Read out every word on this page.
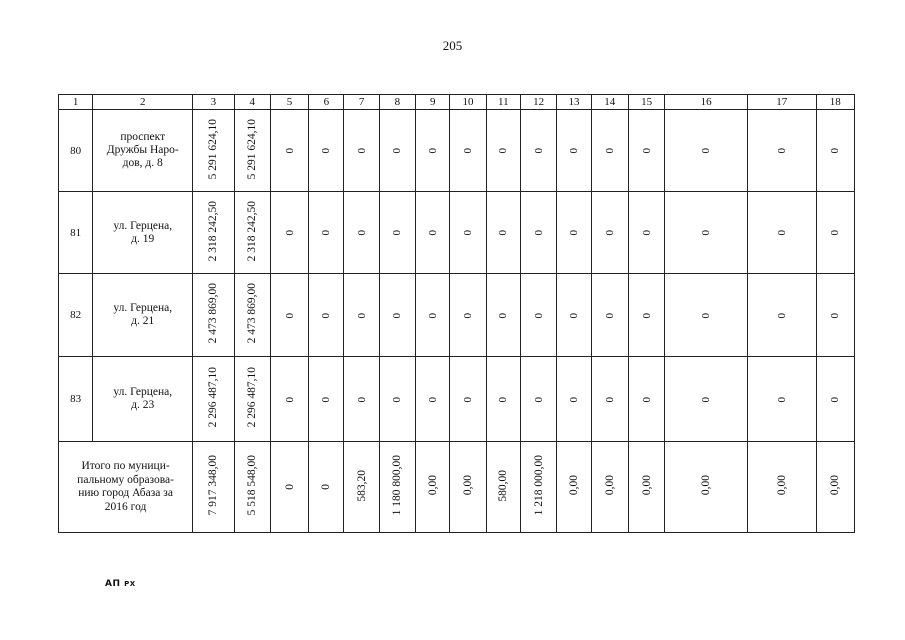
205
1	2	3	4	5	6	7	8	9	10	11	12	13	14	15	16	17	18
80	проспект
Дружбы Наро-
дов, д. 8	5 291 624,10	5 291 624,10	0	0	0	0	0	0	0	0	0	0	0	0	0	0
81	ул. Герцена,
д. 19	2 318 242,50	2 318 242,50	0	0	0	0	0	0	0	0	0	0	0	0	0	0
82	ул. Герцена,
д. 21	2 473 869,00	2 473 869,00	0	0	0	0	0	0	0	0	0	0	0	0	0	0
83	ул. Герцена,
д. 23	2 296 487,10	2 296 487,10	0	0	0	0	0	0	0	0	0	0	0	0	0	0

Итого по муници-
пальному образова-
нию город Абаза за
2016 год		7 917 348,00	5 518 548,00	0	0	583,20	1 180 800,00	0,00	0,00	580,00	1 218 000,00	0,00	0,00	0,00	0,00	0,00	0,00
АП РХ
